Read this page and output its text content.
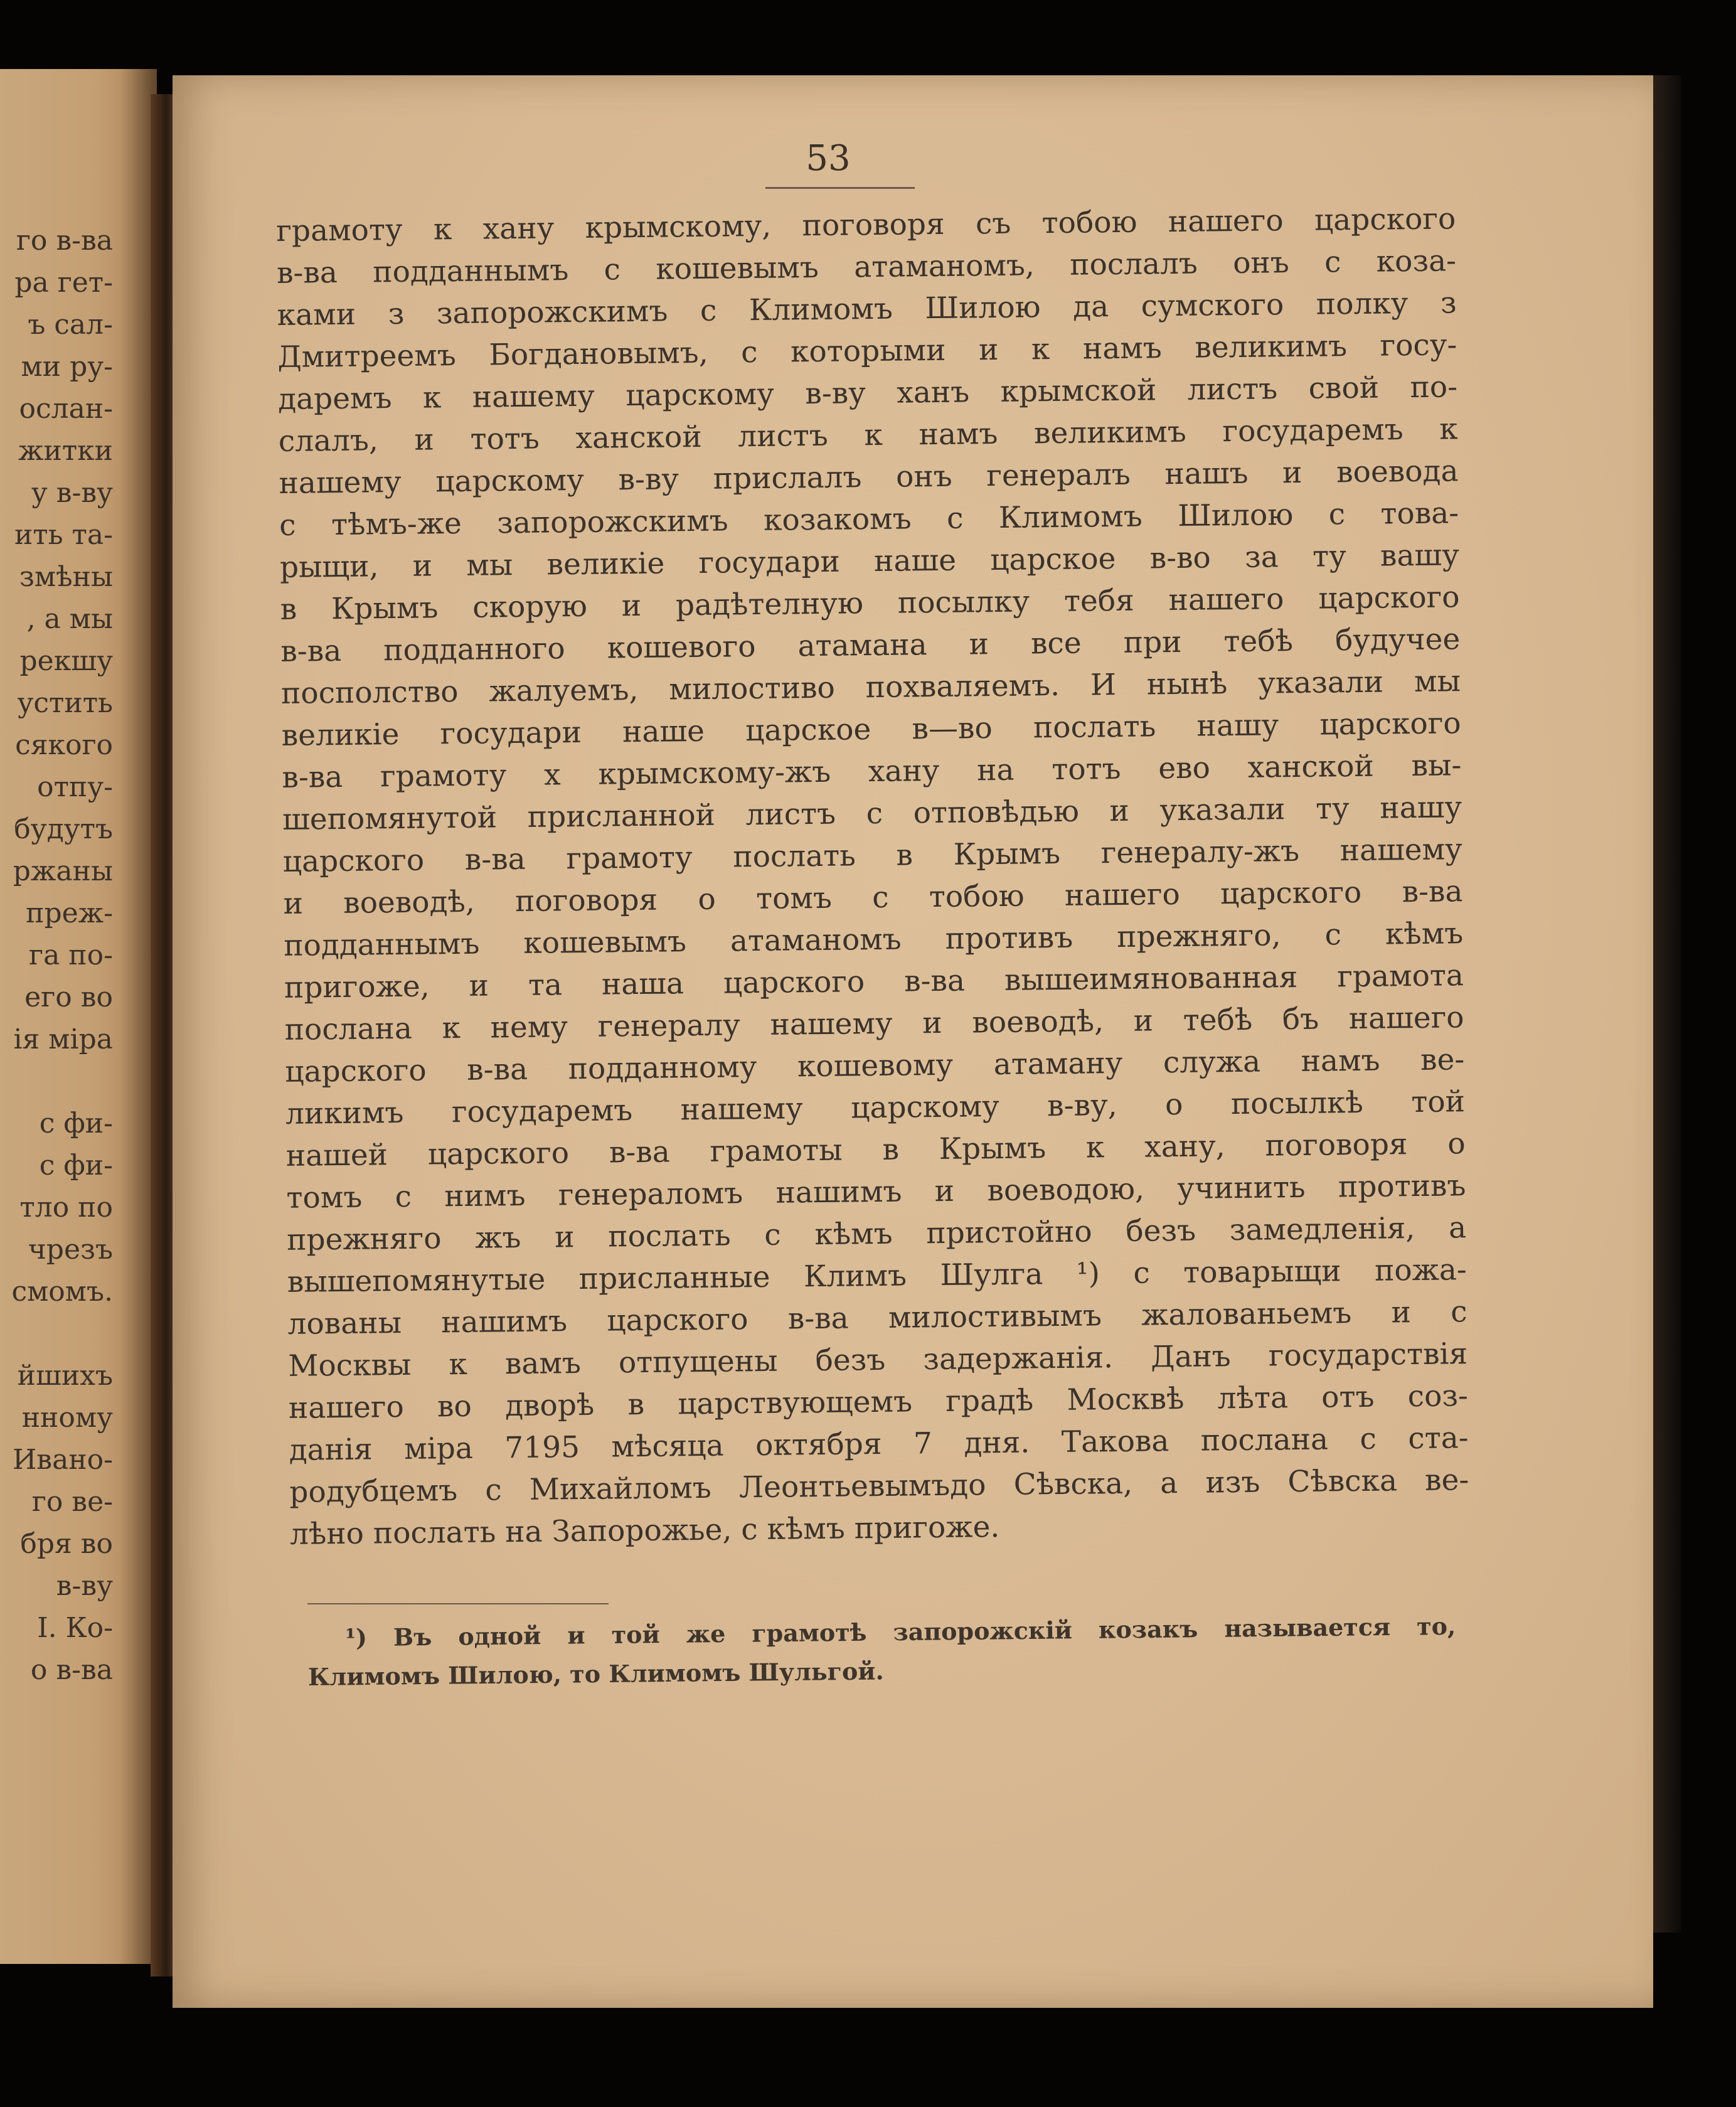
го в-ва
ра гет-
ъ сал-
ми ру-
ослан-
житки
у в-ву
ить та-
змѣны
, а мы
рекшу
устить
сякого
отпу-
будутъ
ржаны
преж-
га по-
его во
ія міра
с фи-
с фи-
тло по
чрезъ
смомъ.
йшихъ
нному
Ивано-
го ве-
бря во
в-ву
I. Ко-
о в-ва
53
грамоту к хану крымскому, поговоря съ тобою нашего царского
в-ва подданнымъ с кошевымъ атаманомъ, послалъ онъ с коза-
ками з запорожскимъ с Климомъ Шилою да сумского полку з
Дмитреемъ Богдановымъ, с которыми и к намъ великимъ госу-
даремъ к нашему царскому в-ву ханъ крымской листъ свой по-
слалъ, и тотъ ханской листъ к намъ великимъ государемъ к
нашему царскому в-ву прислалъ онъ генералъ нашъ и воевода
с тѣмъ-же запорожскимъ козакомъ с Климомъ Шилою с това-
рыщи, и мы великіе государи наше царское в-во за ту вашу
в Крымъ скорую и радѣтелную посылку тебя нашего царского
в-ва подданного кошевого атамана и все при тебѣ будучее
посполство жалуемъ, милостиво похваляемъ. И нынѣ указали мы
великіе государи наше царское в—во послать нашу царского
в-ва грамоту х крымскому-жъ хану на тотъ ево ханской вы-
шепомянутой присланной листъ с отповѣдью и указали ту нашу
царского в-ва грамоту послать в Крымъ генералу-жъ нашему
и воеводѣ, поговоря о томъ с тобою нашего царского в-ва
подданнымъ кошевымъ атаманомъ противъ прежняго, с кѣмъ
пригоже, и та наша царского в-ва вышеимянованная грамота
послана к нему генералу нашему и воеводѣ, и тебѣ бъ нашего
царского в-ва подданному кошевому атаману служа намъ ве-
ликимъ государемъ нашему царскому в-ву, о посылкѣ той
нашей царского в-ва грамоты в Крымъ к хану, поговоря о
томъ с нимъ генераломъ нашимъ и воеводою, учинить противъ
прежняго жъ и послать с кѣмъ пристойно безъ замедленія, а
вышепомянутые присланные Климъ Шулга ¹) с товарыщи пожа-
лованы нашимъ царского в-ва милостивымъ жалованьемъ и с
Москвы к вамъ отпущены безъ задержанія. Данъ государствія
нашего во дворѣ в царствующемъ градѣ Москвѣ лѣта отъ соз-
данія міра 7195 мѣсяца октября 7 дня. Такова послана с ста-
родубцемъ с Михайломъ Леонтьевымъдо Сѣвска, а изъ Сѣвска ве-
лѣно послать на Запорожье, с кѣмъ пригоже.
¹) Въ одной и той же грамотѣ запорожскій козакъ называется то,
Климомъ Шилою, то Климомъ Шульгой.
